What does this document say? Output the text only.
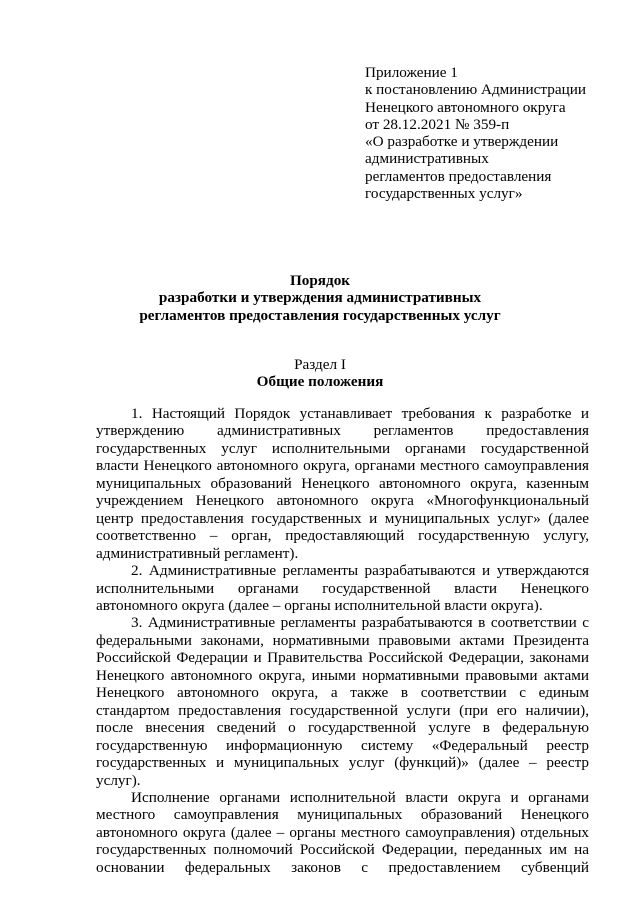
Приложение 1
к постановлению Администрации
Ненецкого автономного округа
от 28.12.2021 № 359-п
«О разработке и утверждении
административных
регламентов предоставления
государственных услуг»
Порядок
разработки и утверждения административных
регламентов предоставления государственных услуг
Раздел I
Общие положения

1. Настоящий Порядок устанавливает требования к разработке и утверждению административных регламентов предоставления государственных услуг исполнительными органами государственной власти Ненецкого автономного округа, органами местного самоуправления муниципальных образований Ненецкого автономного округа, казенным учреждением Ненецкого автономного округа «Многофункциональный центр предоставления государственных и муниципальных услуг» (далее соответственно – орган, предоставляющий государственную услугу, административный регламент).

2. Административные регламенты разрабатываются и утверждаются исполнительными органами государственной власти Ненецкого автономного округа (далее – органы исполнительной власти округа).

3. Административные регламенты разрабатываются в соответствии с федеральными законами, нормативными правовыми актами Президента Российской Федерации и Правительства Российской Федерации, законами Ненецкого автономного округа, иными нормативными правовыми актами Ненецкого автономного округа, а также в соответствии с единым стандартом предоставления государственной услуги (при его наличии), после внесения сведений о государственной услуге в федеральную государственную информационную систему «Федеральный реестр государственных и муниципальных услуг (функций)» (далее – реестр услуг).

Исполнение органами исполнительной власти округа и органами местного самоуправления муниципальных образований Ненецкого автономного округа (далее – органы местного самоуправления) отдельных государственных полномочий Российской Федерации, переданных им на основании федеральных законов с предоставлением субвенций
